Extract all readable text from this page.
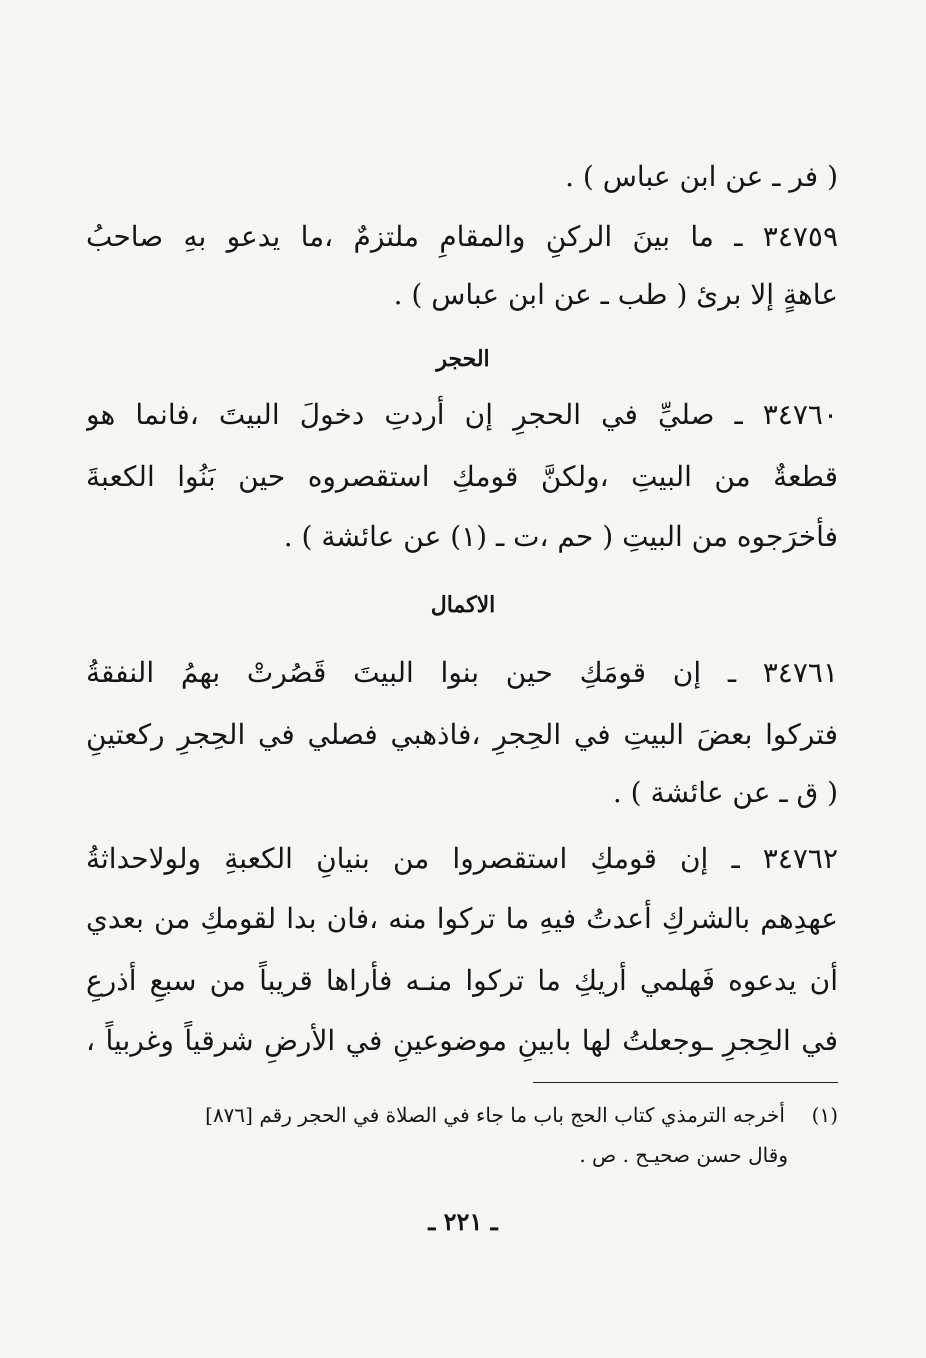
( فر ـ عن ابن عباس ) .
٣٤٧٥٩ ـ ما بينَ الركنِ والمقامِ ملتزمٌ ،ما يدعو بهِ صاحبُ
عاهةٍ إلا برئ ( طب ـ عن ابن عباس ) .
الحجر
٣٤٧٦٠ ـ صليِّ في الحجرِ إن أردتِ دخولَ البيتَ ،فانما هو
قطعةٌ من البيتِ ،ولكنَّ قومكِ استقصروه حين بَنُوا الكعبةَ
فأخرَجوه من البيتِ ( حم ،ت ـ (١) عن عائشة ) .
الاكمال
٣٤٧٦١ ـ إن قومَكِ حين بنوا البيتَ قَصُرتْ بهمُ النفقةُ
فتركوا بعضَ البيتِ في الحِجرِ ،فاذهبي فصلي في الحِجرِ ركعتينِ
( ق ـ عن عائشة ) .
٣٤٧٦٢ ـ إن قومكِ استقصروا من بنيانِ الكعبةِ ولولاحداثةُ
عهدِهم بالشركِ أعدتُ فيهِ ما تركوا منه ،فان بدا لقومكِ من بعدي
أن يدعوه فَهلمي أريكِ ما تركوا منـه فأراها قريباً من سبعِ أذرعِ
في الحِجرِ ـوجعلتُ لها بابينِ موضوعينِ في الأرضِ شرقياً وغربياً ،
(١)  أخرجه الترمذي كتاب الحج باب ما جاء في الصلاة في الحجر رقم [٨٧٦]
وقال حسن صحيـح . ص .
ـ ٢٢١ ـ
